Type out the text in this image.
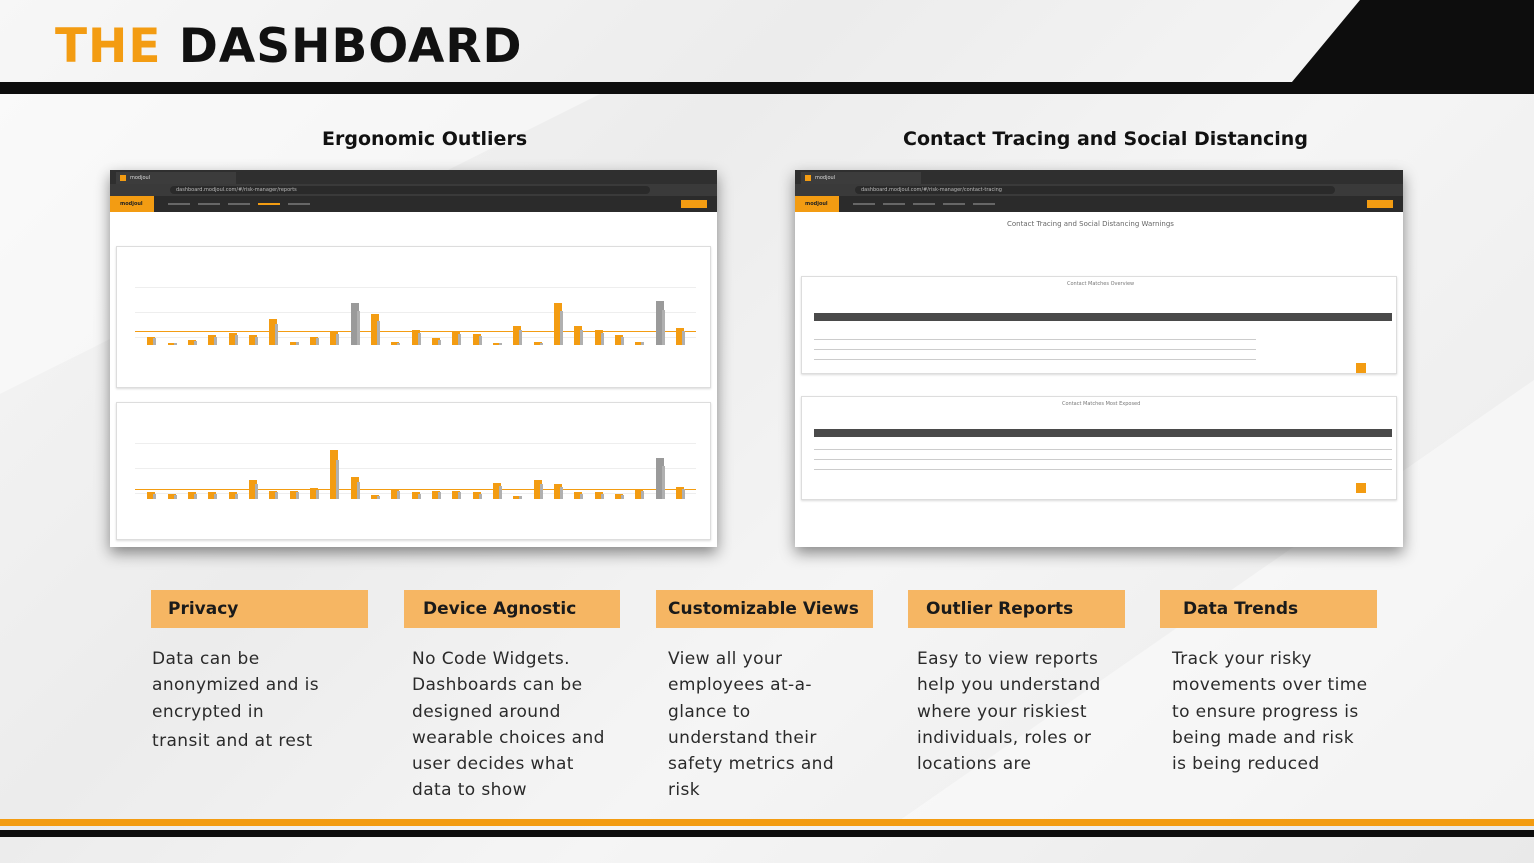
THE DASHBOARD
Ergonomic Outliers	Contact Tracing and Social Distancing
modjoul
dashboard.modjoul.com/#/risk-manager/reports
modjoul
modjoul
dashboard.modjoul.com/#/risk-manager/contact-tracing
modjoul
Contact Tracing and Social Distancing Warnings
Contact Matches Overview
Contact Matches Most Exposed
Privacy	Device Agnostic	Customizable Views	Outlier Reports	Data Trends
Data can be
anonymized and is
encrypted in
transit and at rest
No Code Widgets.
Dashboards can be
designed around
wearable choices and
user decides what
data to show
View all your
employees at-a-
glance to
understand their
safety metrics and
risk
Easy to view reports
help you understand
where your riskiest
individuals, roles or
locations are
Track your risky
movements over time
to ensure progress is
being made and risk
is being reduced
